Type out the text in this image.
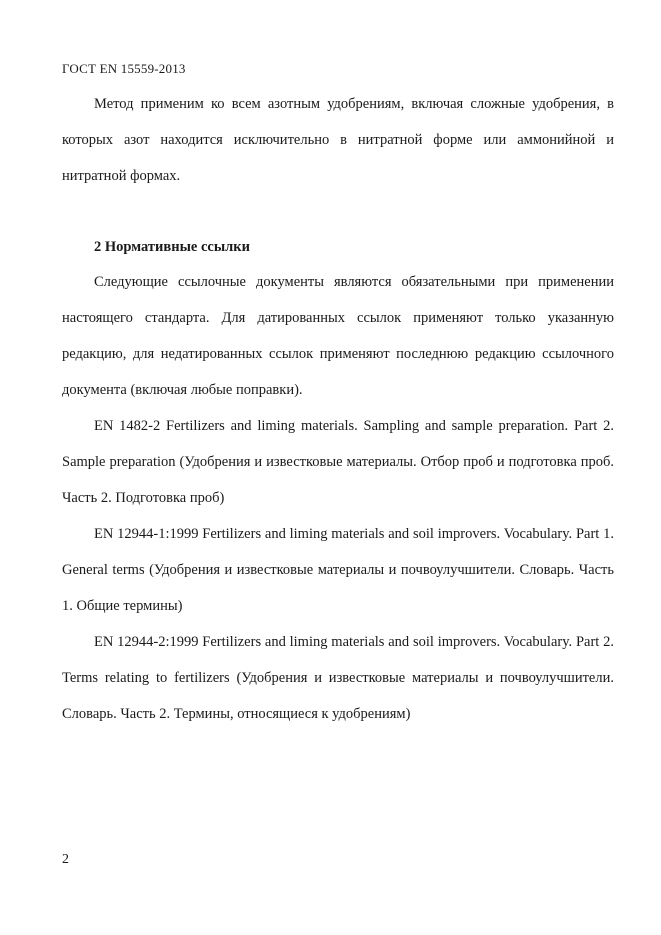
ГОСТ EN 15559-2013

Метод применим ко всем азотным удобрениям, включая сложные удобрения, в которых азот находится исключительно в нитратной форме или аммонийной и нитратной формах.

2 Нормативные ссылки

Следующие ссылочные документы являются обязательными при применении настоящего стандарта. Для датированных ссылок применяют только указанную редакцию, для недатированных ссылок применяют последнюю редакцию ссылочного документа (включая любые поправки).

EN 1482-2 Fertilizers and liming materials. Sampling and sample preparation. Part 2. Sample preparation (Удобрения и известковые материалы. Отбор проб и подготовка проб. Часть 2. Подготовка проб)

EN 12944-1:1999 Fertilizers and liming materials and soil improvers. Vocabulary. Part 1. General terms (Удобрения и известковые материалы и почвоулучшители. Словарь. Часть 1. Общие термины)

EN 12944-2:1999 Fertilizers and liming materials and soil improvers. Vocabulary. Part 2. Terms relating to fertilizers (Удобрения и известковые материалы и почвоулучшители. Словарь. Часть 2. Термины, относящиеся к удобрениям)

2
